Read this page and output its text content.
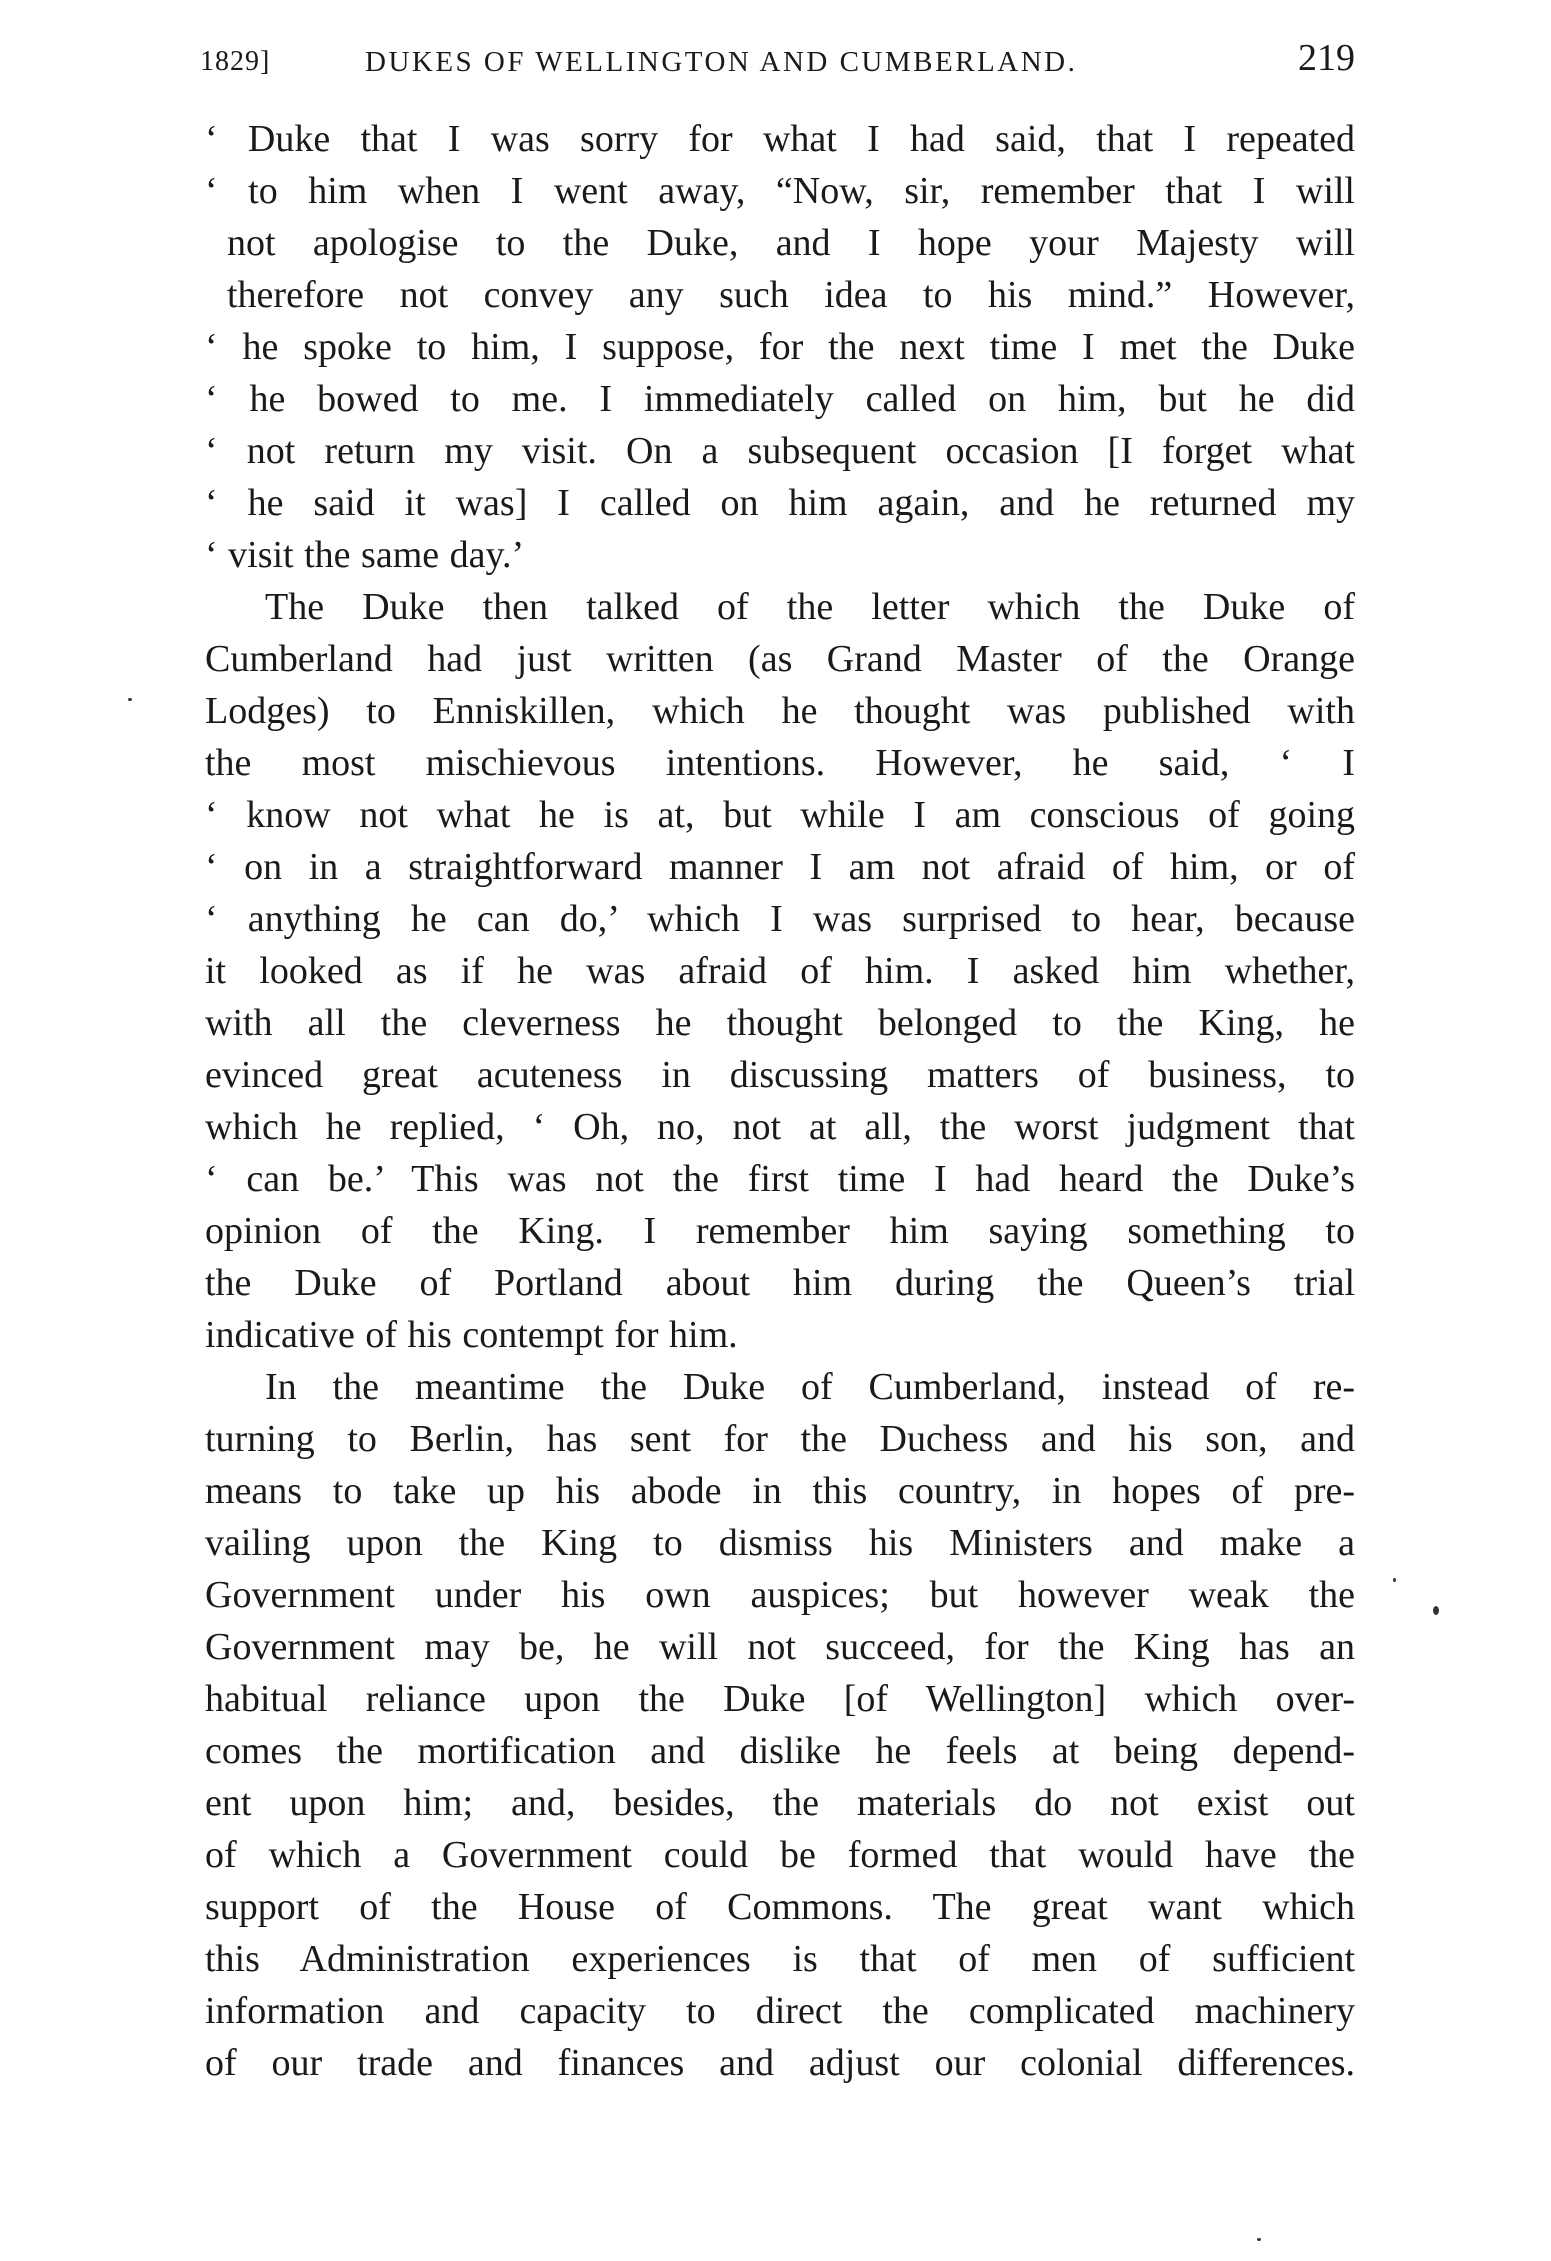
1829]	DUKES OF WELLINGTON AND CUMBERLAND.	219
‘ Duke that I was sorry for what I had said, that I repeated
‘ to him when I went away, “Now, sir, remember that I will
not apologise to the Duke, and I hope your Majesty will
therefore not convey any such idea to his mind.” However,
‘ he spoke to him, I suppose, for the next time I met the Duke
‘ he bowed to me. I immediately called on him, but he did
‘ not return my visit. On a subsequent occasion [I forget what
‘ he said it was] I called on him again, and he returned my
‘ visit the same day.’
The Duke then talked of the letter which the Duke of
Cumberland had just written (as Grand Master of the Orange
Lodges) to Enniskillen, which he thought was published with
the most mischievous intentions. However, he said, ‘ I
‘ know not what he is at, but while I am conscious of going
‘ on in a straightforward manner I am not afraid of him, or of
‘ anything he can do,’ which I was surprised to hear, because
it looked as if he was afraid of him. I asked him whether,
with all the cleverness he thought belonged to the King, he
evinced great acuteness in discussing matters of business, to
which he replied, ‘ Oh, no, not at all, the worst judgment that
‘ can be.’ This was not the first time I had heard the Duke’s
opinion of the King. I remember him saying something to
the Duke of Portland about him during the Queen’s trial
indicative of his contempt for him.
In the meantime the Duke of Cumberland, instead of re-
turning to Berlin, has sent for the Duchess and his son, and
means to take up his abode in this country, in hopes of pre-
vailing upon the King to dismiss his Ministers and make a
Government under his own auspices; but however weak the
Government may be, he will not succeed, for the King has an
habitual reliance upon the Duke [of Wellington] which over-
comes the mortification and dislike he feels at being depend-
ent upon him; and, besides, the materials do not exist out
of which a Government could be formed that would have the
support of the House of Commons. The great want which
this Administration experiences is that of men of sufficient
information and capacity to direct the complicated machinery
of our trade and finances and adjust our colonial differences.
